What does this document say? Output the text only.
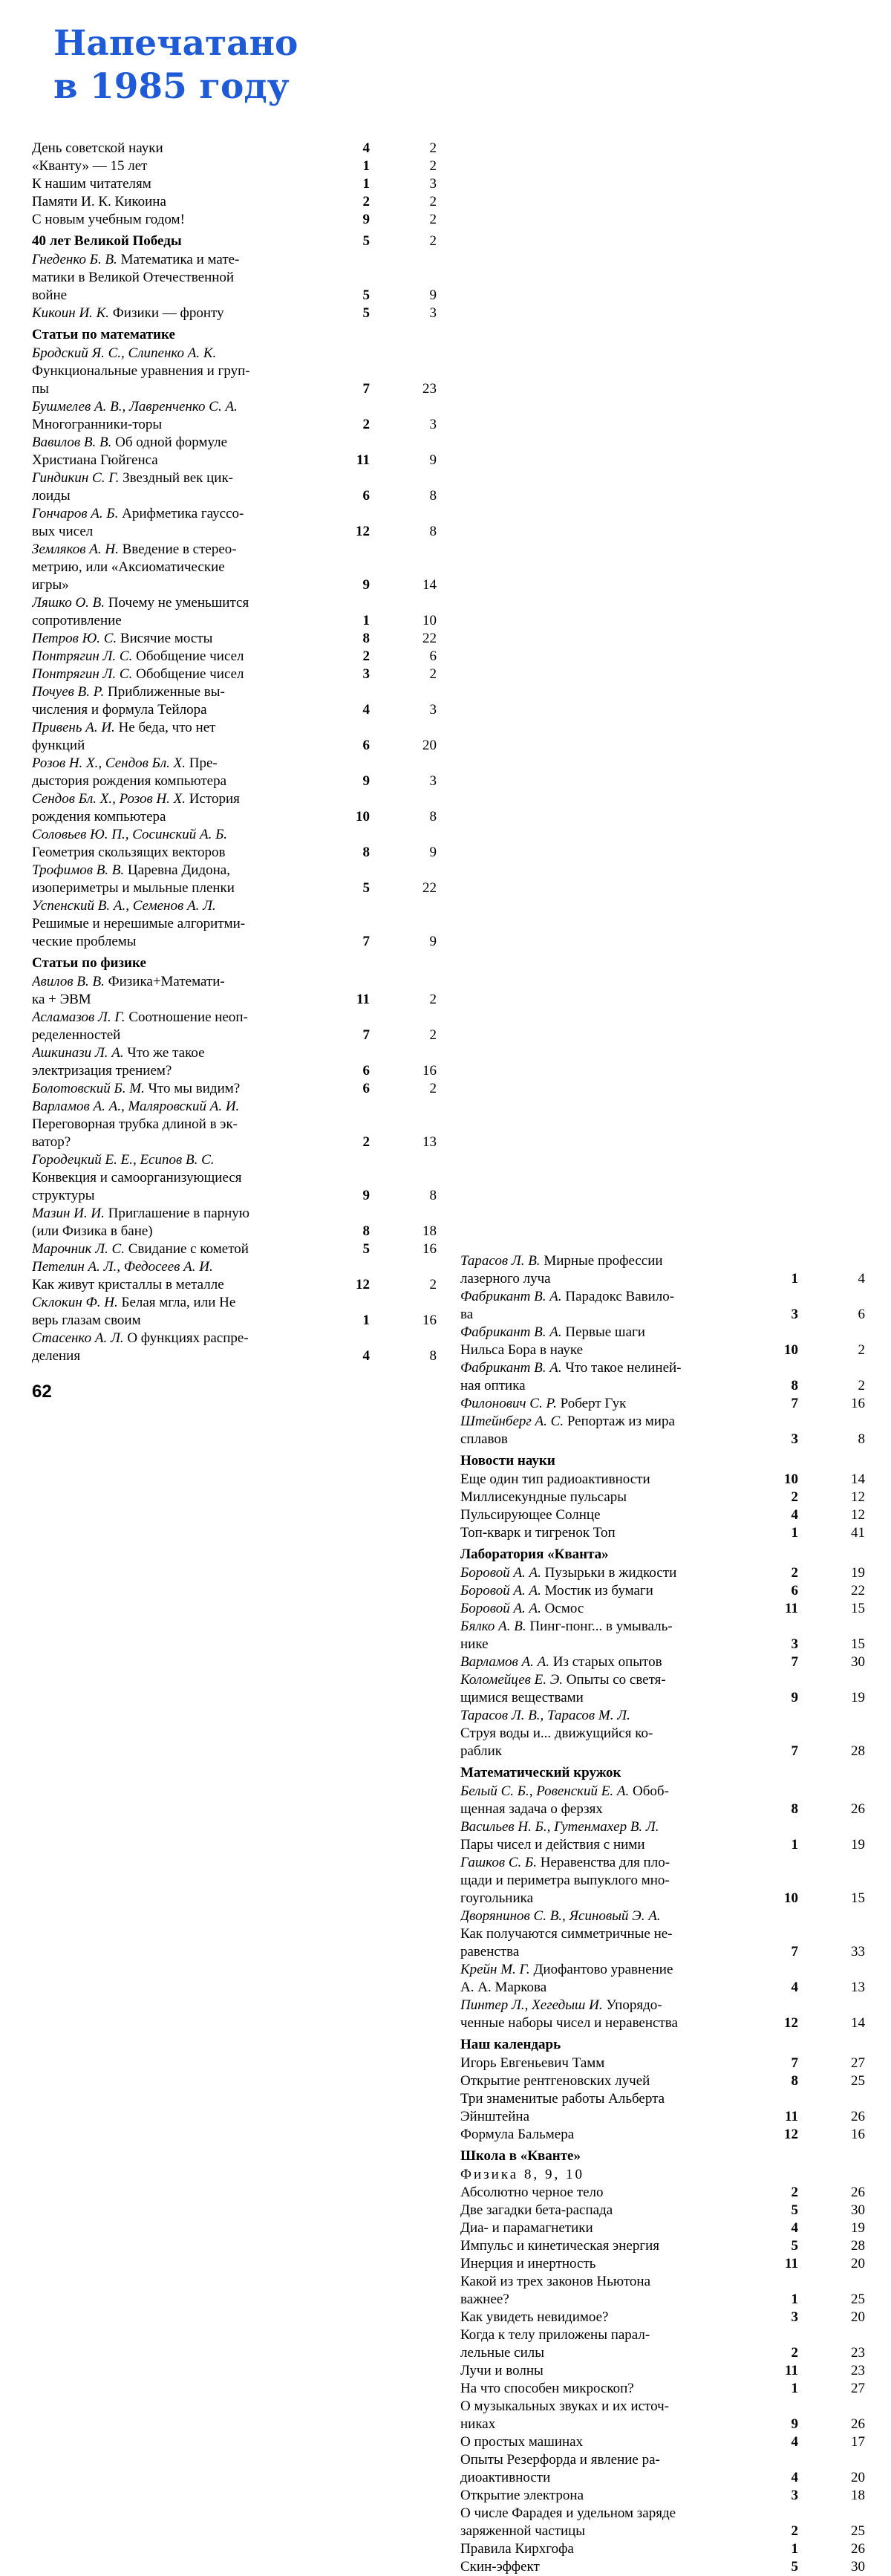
Напечатано
в 1985 году
День советской науки	4	2
«Кванту» — 15 лет	1	2
К нашим читателям	1	3
Памяти И. К. Кикоина	2	2
С новым учебным годом!	9	2
40 лет Великой Победы	5	2
Гнеденко Б. В. Математика и мате-
матики в Великой Отечественной
войне	5	9
Кикоин И. К. Физики — фронту	5	3
Статьи по математике
Бродский Я. С., Слипенко А. К.
Функциональные уравнения и груп-
пы	7	23
Бушмелев А. В., Лавренченко С. А.
Многогранники-торы	2	3
Вавилов В. В. Об одной формуле
Христиана Гюйгенса	11	9
Гиндикин С. Г. Звездный век цик-
лоиды	6	8
Гончаров А. Б. Арифметика гауссо-
вых чисел	12	8
Земляков А. Н. Введение в стерео-
метрию, или «Аксиоматические
игры»	9	14
Ляшко О. В. Почему не уменьшится
сопротивление	1	10
Петров Ю. С. Висячие мосты	8	22
Понтрягин Л. С. Обобщение чисел	2	6
Понтрягин Л. С. Обобщение чисел	3	2
Почуев В. Р. Приближенные вы-
числения и формула Тейлора	4	3
Привень А. И. Не беда, что нет
функций	6	20
Розов Н. Х., Сендов Бл. Х. Пре-
дыстория рождения компьютера	9	3
Сендов Бл. Х., Розов Н. Х. История
рождения компьютера	10	8
Соловьев Ю. П., Сосинский А. Б.
Геометрия скользящих векторов	8	9
Трофимов В. В. Царевна Дидона,
изопериметры и мыльные пленки	5	22
Успенский В. А., Семенов А. Л.
Решимые и нерешимые алгоритми-
ческие проблемы	7	9
Статьи по физике
Авилов В. В. Физика+Математи-
ка + ЭВМ	11	2
Асламазов Л. Г. Соотношение неоп-
ределенностей	7	2
Ашкинази Л. А. Что же такое
электризация трением?	6	16
Болотовский Б. М. Что мы видим?	6	2
Варламов А. А., Маляровский А. И.
Переговорная трубка длиной в эк-
ватор?	2	13
Городецкий Е. Е., Есипов В. С.
Конвекция и самоорганизующиеся
структуры	9	8
Мазин И. И. Приглашение в парную
(или Физика в бане)	8	18
Марочник Л. С. Свидание с кометой	5	16
Петелин А. Л., Федосеев А. И.
Как живут кристаллы в металле	12	2
Склокин Ф. Н. Белая мгла, или Не
верь глазам своим	1	16
Стасенко А. Л. О функциях распре-
деления	4	8
Тарасов Л. В. Мирные профессии
лазерного луча	1	4
Фабрикант В. А. Парадокс Вавило-
ва	3	6
Фабрикант В. А. Первые шаги
Нильса Бора в науке	10	2
Фабрикант В. А. Что такое нелиней-
ная оптика	8	2
Филонович С. Р. Роберт Гук	7	16
Штейнберг А. С. Репортаж из мира
сплавов	3	8
Новости науки
Еще один тип радиоактивности	10	14
Миллисекундные пульсары	2	12
Пульсирующее Солнце	4	12
Топ-кварк и тигренок Топ	1	41
Лаборатория «Кванта»
Боровой А. А. Пузырьки в жидкости	2	19
Боровой А. А. Мостик из бумаги	6	22
Боровой А. А. Осмос	11	15
Бялко А. В. Пинг-понг... в умываль-
нике	3	15
Варламов А. А. Из старых опытов	7	30
Коломейцев Е. Э. Опыты со светя-
щимися веществами	9	19
Тарасов Л. В., Тарасов М. Л.
Струя воды и... движущийся ко-
раблик	7	28
Математический кружок
Белый С. Б., Ровенский Е. А. Обоб-
щенная задача о ферзях	8	26
Васильев Н. Б., Гутенмахер В. Л.
Пары чисел и действия с ними	1	19
Гашков С. Б. Неравенства для пло-
щади и периметра выпуклого мно-
гоугольника	10	15
Дворянинов С. В., Ясиновый Э. А.
Как получаются симметричные не-
равенства	7	33
Крейн М. Г. Диофантово уравнение
А. А. Маркова	4	13
Пинтер Л., Хегедыш И. Упорядо-
ченные наборы чисел и неравенства	12	14
Наш календарь
Игорь Евгеньевич Тамм	7	27
Открытие рентгеновских лучей	8	25
Три знаменитые работы Альберта
Эйнштейна	11	26
Формула Бальмера	12	16
Школа в «Кванте»
Физика 8, 9, 10
Абсолютно черное тело	2	26
Две загадки бета-распада	5	30
Диа- и парамагнетики	4	19
Импульс и кинетическая энергия	5	28
Инерция и инертность	11	20
Какой из трех законов Ньютона
важнее?	1	25
Как увидеть невидимое?	3	20
Когда к телу приложены парал-
лельные силы	2	23
Лучи и волны	11	23
На что способен микроскоп?	1	27
О музыкальных звуках и их источ-
никах	9	26
О простых машинах	4	17
Опыты Резерфорда и явление ра-
диоактивности	4	20
Открытие электрона	3	18
О числе Фарадея и удельном заряде
заряженной частицы	2	25
Правила Кирхгофа	1	26
Скин-эффект	5	30
62
